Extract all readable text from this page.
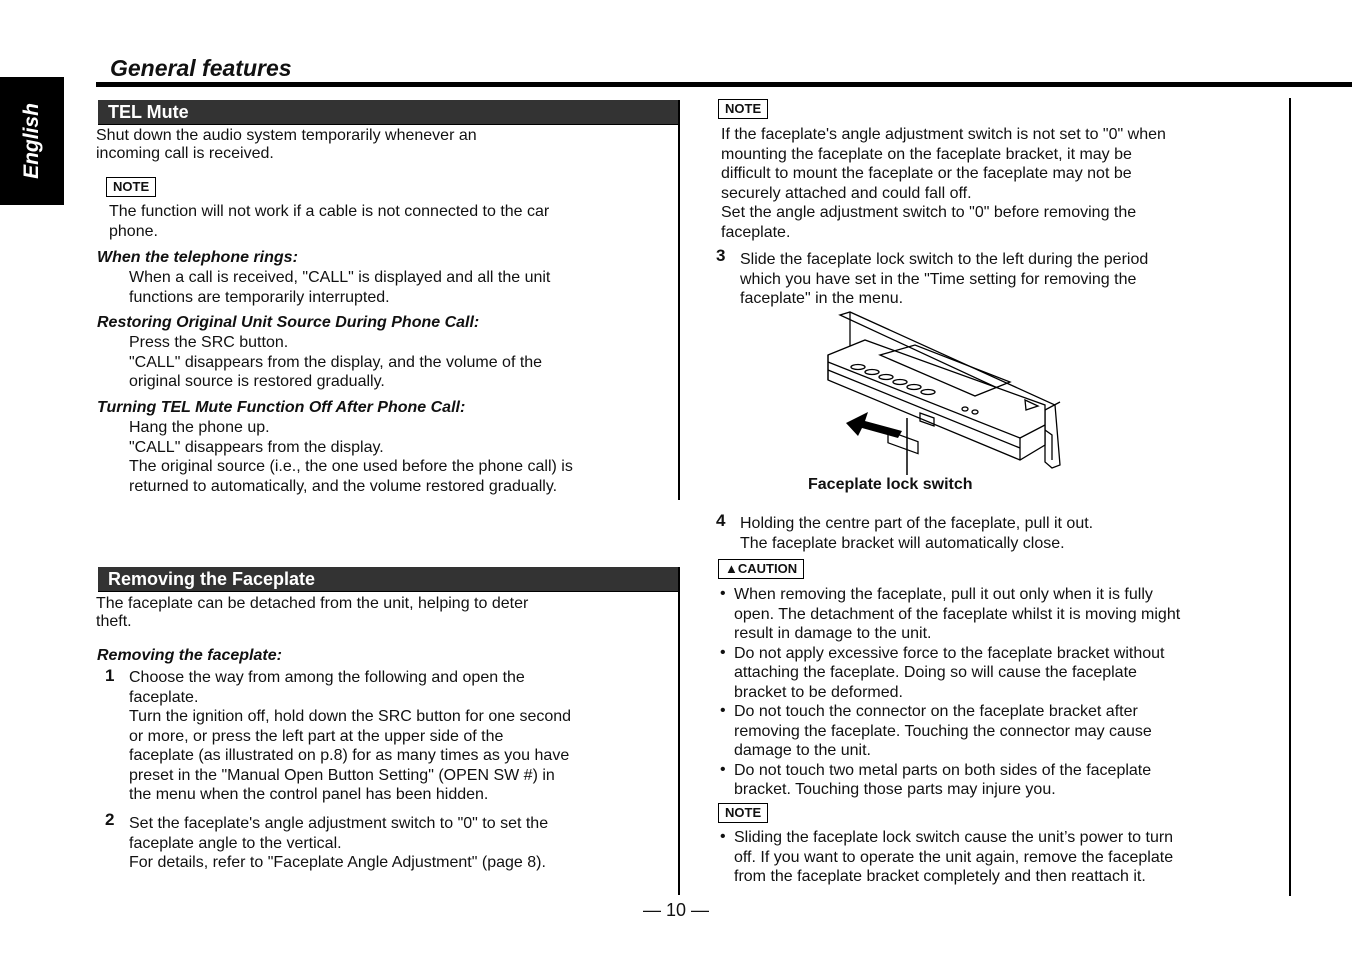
English
General features
TEL Mute
Shut down the audio system temporarily whenever an
incoming call is received.
NOTE
The function will not work if a cable is not connected to the car
phone.
When the telephone rings:
When a call is received, "CALL" is displayed and all the unit
functions are temporarily interrupted.
Restoring Original Unit Source During Phone Call:
Press the SRC button.
"CALL" disappears from the display, and the volume of the
original source is restored gradually.
Turning TEL Mute Function Off After Phone Call:
Hang the phone up.
"CALL" disappears from the display.
The original source (i.e., the one used before the phone call) is
returned to automatically, and the volume restored gradually.
Removing the Faceplate
The faceplate can be detached from the unit, helping to deter
theft.
Removing the faceplate:
1 Choose the way from among the following and open the
faceplate.
Turn the ignition off, hold down the SRC button for one second
or more, or press the left part at the upper side of the
faceplate (as illustrated on p.8) for as many times as you have
preset in the "Manual Open Button Setting" (OPEN SW #) in
the menu when the control panel has been hidden.
2 Set the faceplate's angle adjustment switch to "0" to set the
faceplate angle to the vertical.
For details, refer to "Faceplate Angle Adjustment" (page 8).
NOTE
If the faceplate's angle adjustment switch is not set to "0" when
mounting the faceplate on the faceplate bracket, it may be
difficult to mount the faceplate or the faceplate may not be
securely attached and could fall off.
Set the angle adjustment switch to "0" before removing the
faceplate.
3 Slide the faceplate lock switch to the left during the period
which you have set in the "Time setting for removing the
faceplate" in the menu.
Faceplate lock switch
4 Holding the centre part of the faceplate, pull it out.
The faceplate bracket will automatically close.
▲CAUTION
• When removing the faceplate, pull it out only when it is fully
open. The detachment of the faceplate whilst it is moving might
result in damage to the unit.
• Do not apply excessive force to the faceplate bracket without
attaching the faceplate. Doing so will cause the faceplate
bracket to be deformed.
• Do not touch the connector on the faceplate bracket after
removing the faceplate. Touching the connector may cause
damage to the unit.
• Do not touch two metal parts on both sides of the faceplate
bracket. Touching those parts may injure you.
NOTE
• Sliding the faceplate lock switch cause the unit’s power to turn
off. If you want to operate the unit again, remove the faceplate
from the faceplate bracket completely and then reattach it.
— 10 —
